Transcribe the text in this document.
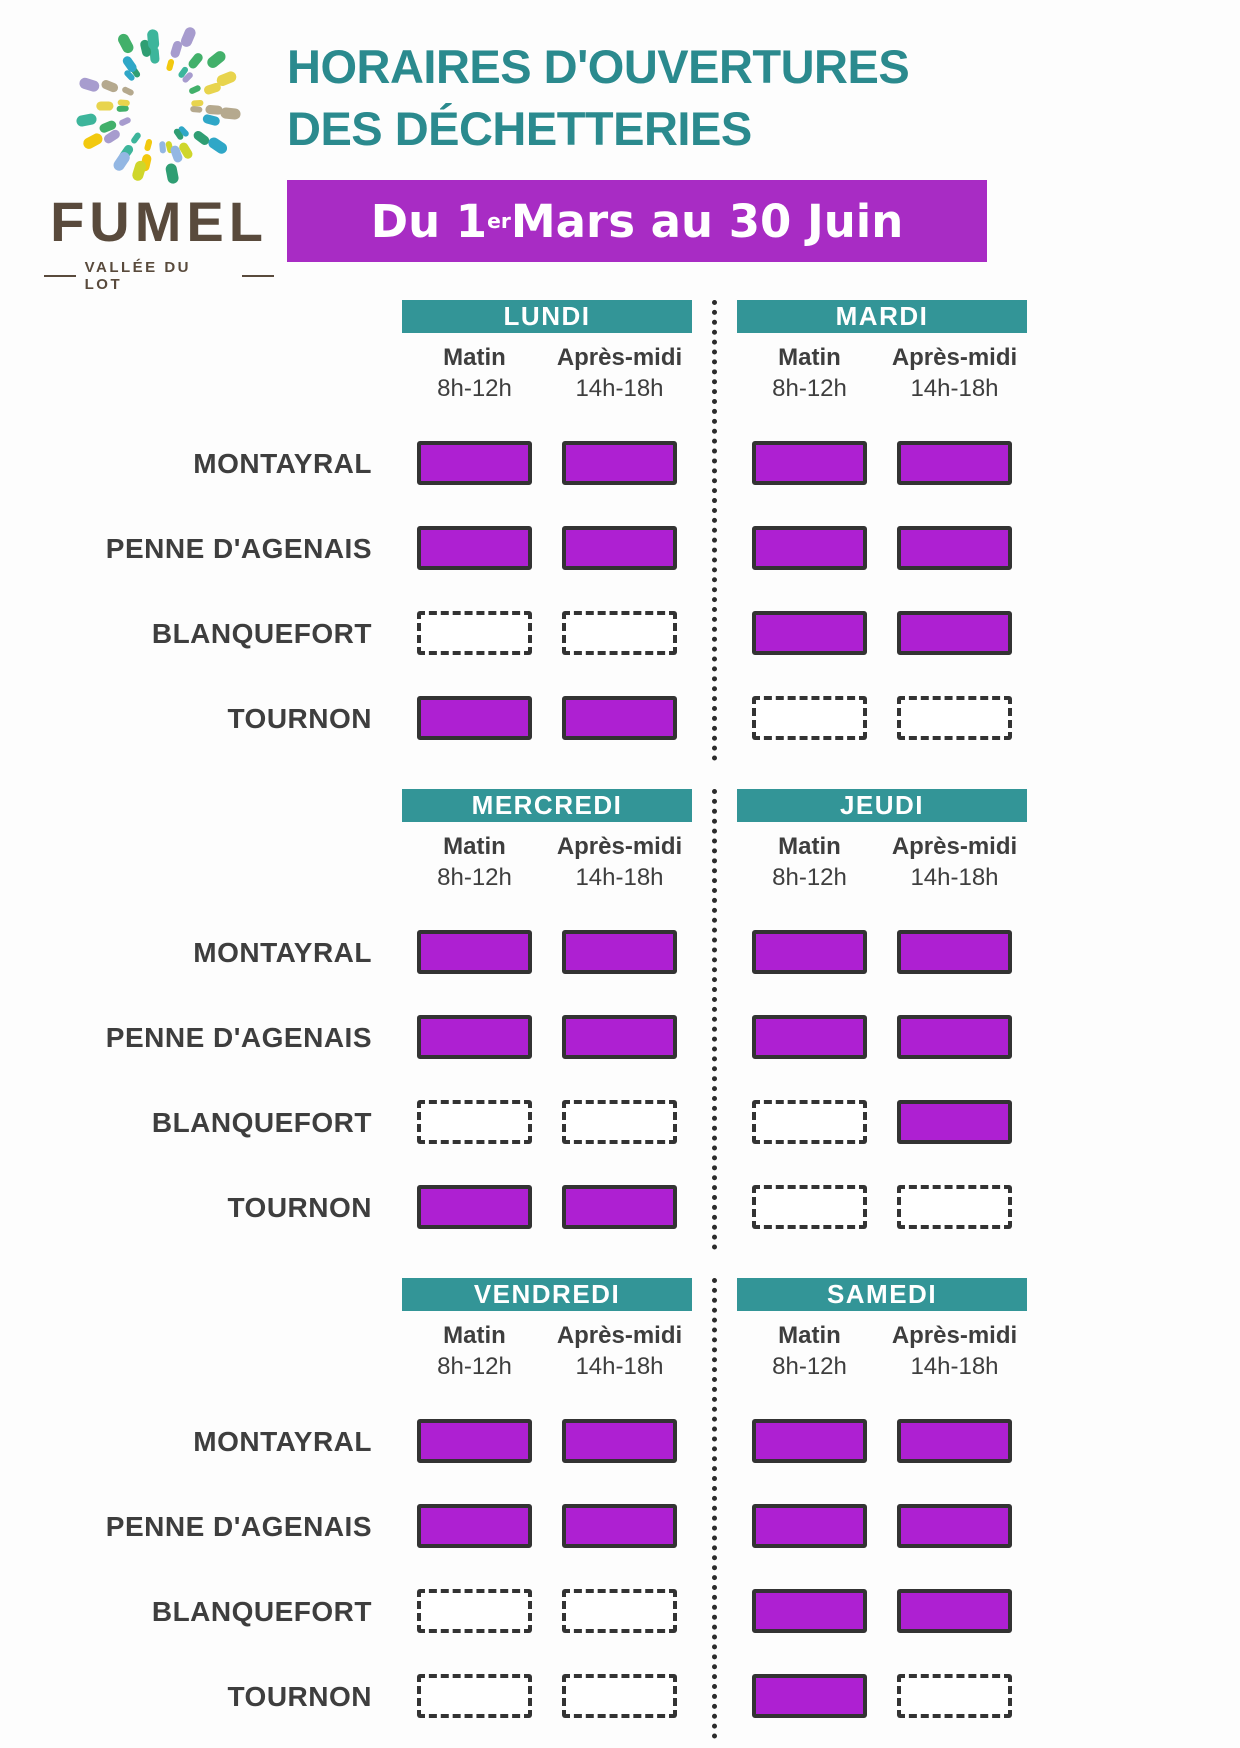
FUMEL
VALLÉE DU LOT
HORAIRES D'OUVERTURES
DES DÉCHETTERIES
Du 1 er Mars au 30 Juin
MONTAYRAL
PENNE D'AGENAIS
BLANQUEFORT
TOURNON
LUNDI
Matin	Après-midi
8h-12h	14h-18h
MARDI
Matin	Après-midi
8h-12h	14h-18h
MONTAYRAL
PENNE D'AGENAIS
BLANQUEFORT
TOURNON
MERCREDI
Matin	Après-midi
8h-12h	14h-18h
JEUDI
Matin	Après-midi
8h-12h	14h-18h
MONTAYRAL
PENNE D'AGENAIS
BLANQUEFORT
TOURNON
VENDREDI
Matin	Après-midi
8h-12h	14h-18h
SAMEDI
Matin	Après-midi
8h-12h	14h-18h
